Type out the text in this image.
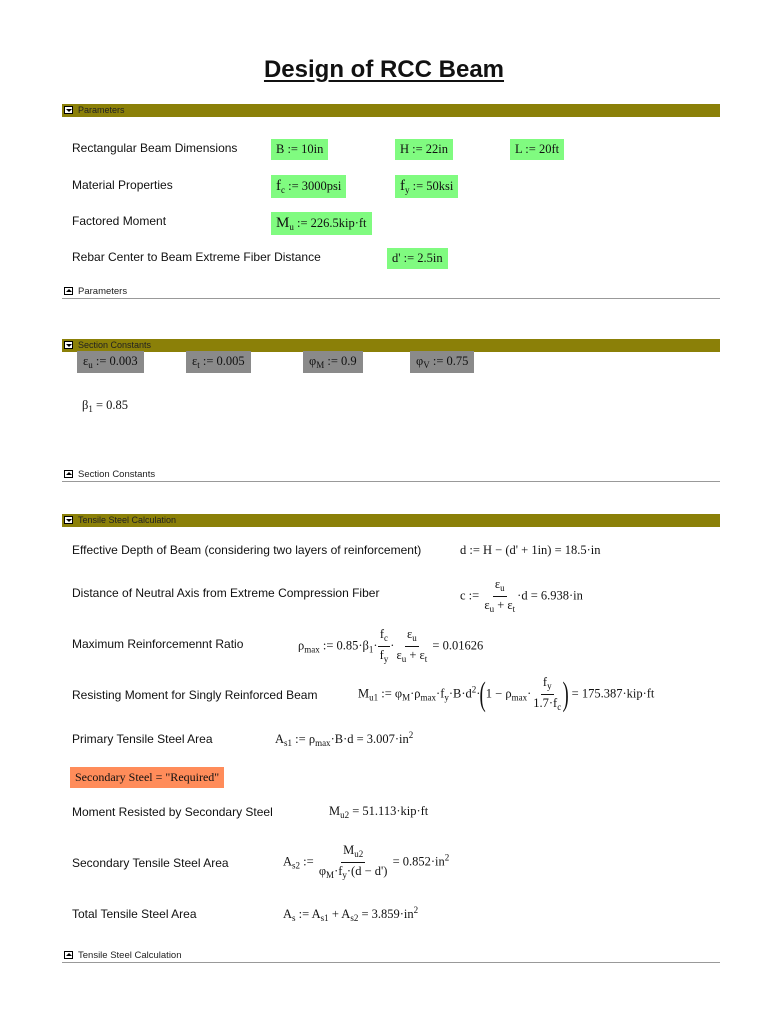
Design of RCC Beam
Parameters
Rectangular Beam Dimensions	B := 10in	H := 22in	L := 20ft
Material Properties	$f_c$ := 3000psi	$f_y$ := 50ksi
Factored Moment	$M_u$ := 226.5kip·ft
Rebar Center to Beam Extreme Fiber Distance	d' := 2.5in
Parameters
Section Constants
$\varepsilon_u$ := 0.003	$\varepsilon_t$ := 0.005	$\varphi_M$ := 0.9	$\varphi_V$ := 0.75
$\beta_1 = 0.85$
Section Constants
Tensile Steel Calculation
Effective Depth of Beam (considering two layers of reinforcement)	d := H − (d' + 1in) = 18.5·in
Distance of Neutral Axis from Extreme Compression Fiber	c := $\frac{\varepsilon_u}{\varepsilon_u + \varepsilon_t} \cdot d = 6.938\cdot in$
Maximum Reinforcemennt Ratio	$\rho_{max}$ := $0.85\cdot\beta_1\cdot \frac{f_c}{f_y} \cdot \frac{\varepsilon_u}{\varepsilon_u + \varepsilon_t} = 0.01626$
Resisting Moment for Singly Reinforced Beam	$M_{u1}$ := $\varphi_M\cdot\rho_{max}\cdot f_y\cdot B\cdot d^2\cdot(1 - \rho_{max}\cdot \frac{f_y}{1.7\cdot f_c}$ ) = 175.387·kip·ft
Primary Tensile Steel Area	$A_{s1}$ := $\rho_{max}\cdot B\cdot d = 3.007\cdot in^2$
Secondary Steel = "Required"
Moment Resisted by Secondary Steel	$M_{u2} = 51.113\cdot kip\cdot ft$
Secondary Tensile Steel Area	$A_{s2}$ := $\frac{M_{u2}}{\varphi_M\cdot f_y\cdot(d - d')} = 0.852\cdot in^2$
Total Tensile Steel Area	$A_s$ := $A_{s1} + A_{s2} = 3.859\cdot in^2$
Tensile Steel Calculation
